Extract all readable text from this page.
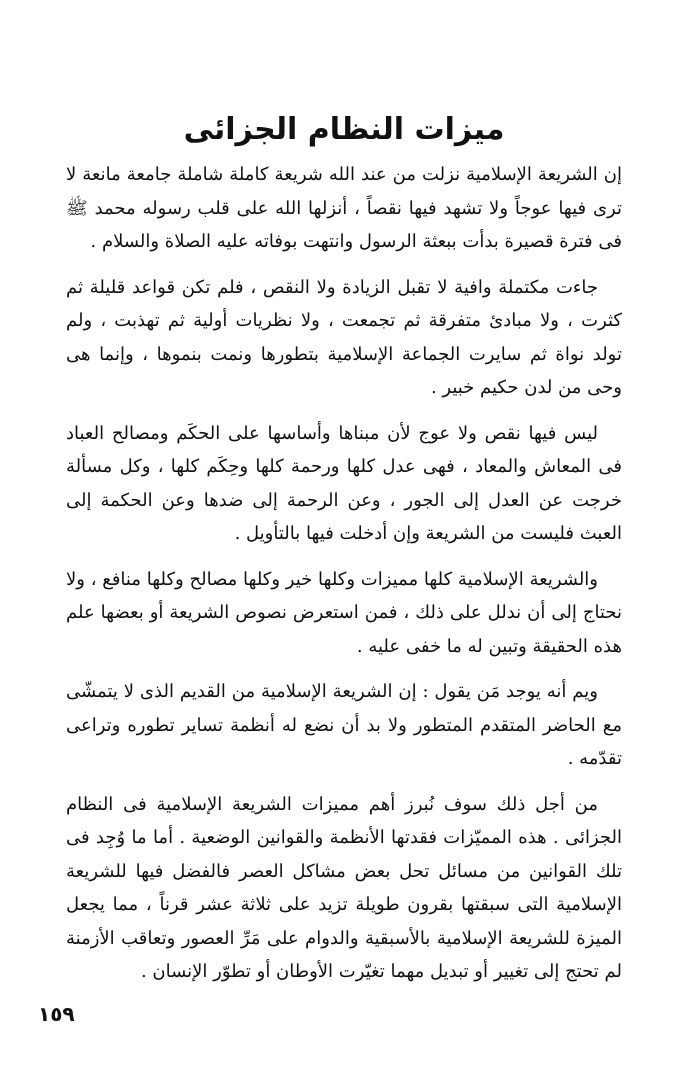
ميزات النظام الجزائى

إن الشريعة الإسلامية نزلت من عند الله شريعة كاملة شاملة جامعة مانعة لا ترى فيها عوجاً ولا تشهد فيها نقصاً ، أنزلها الله على قلب رسوله محمد ﷺ فى فترة قصيرة بدأت ببعثة الرسول وانتهت بوفاته عليه الصلاة والسلام .

جاءت مكتملة وافية لا تقبل الزيادة ولا النقص ، فلم تكن قواعد قليلة ثم كثرت ، ولا مبادئ متفرقة ثم تجمعت ، ولا نظريات أولية ثم تهذبت ، ولم تولد نواة ثم سايرت الجماعة الإسلامية بتطورها ونمت بنموها ، وإنما هى وحى من لدن حكيم خبير .

ليس فيها نقص ولا عوج لأن مبناها وأساسها على الحكَم ومصالح العباد فى المعاش والمعاد ، فهى عدل كلها ورحمة كلها وحِكَم كلها ، وكل مسألة خرجت عن العدل إلى الجور ، وعن الرحمة إلى ضدها وعن الحكمة إلى العبث فليست من الشريعة وإن أدخلت فيها بالتأويل .

والشريعة الإسلامية كلها مميزات وكلها خير وكلها مصالح وكلها منافع ، ولا نحتاج إلى أن ندلل على ذلك ، فمن استعرض نصوص الشريعة أو بعضها علم هذه الحقيقة وتبين له ما خفى عليه .

ويم أنه يوجد مَن يقول : إن الشريعة الإسلامية من القديم الذى لا يتمشّى مع الحاضر المتقدم المتطور ولا بد أن نضع له أنظمة تساير تطوره وتراعى تقدّمه .

من أجل ذلك سوف نُبرز أهم مميزات الشريعة الإسلامية فى النظام الجزائى . هذه المميّزات فقدتها الأنظمة والقوانين الوضعية . أما ما وُجِد فى تلك القوانين من مسائل تحل بعض مشاكل العصر فالفضل فيها للشريعة الإسلامية التى سبقتها بقرون طويلة تزيد على ثلاثة عشر قرناً ، مما يجعل الميزة للشريعة الإسلامية بالأسبقية والدوام على مَرِّ العصور وتعاقب الأزمنة لم تحتج إلى تغيير أو تبديل مهما تغيّرت الأوطان أو تطوّر الإنسان .

١٥٩
